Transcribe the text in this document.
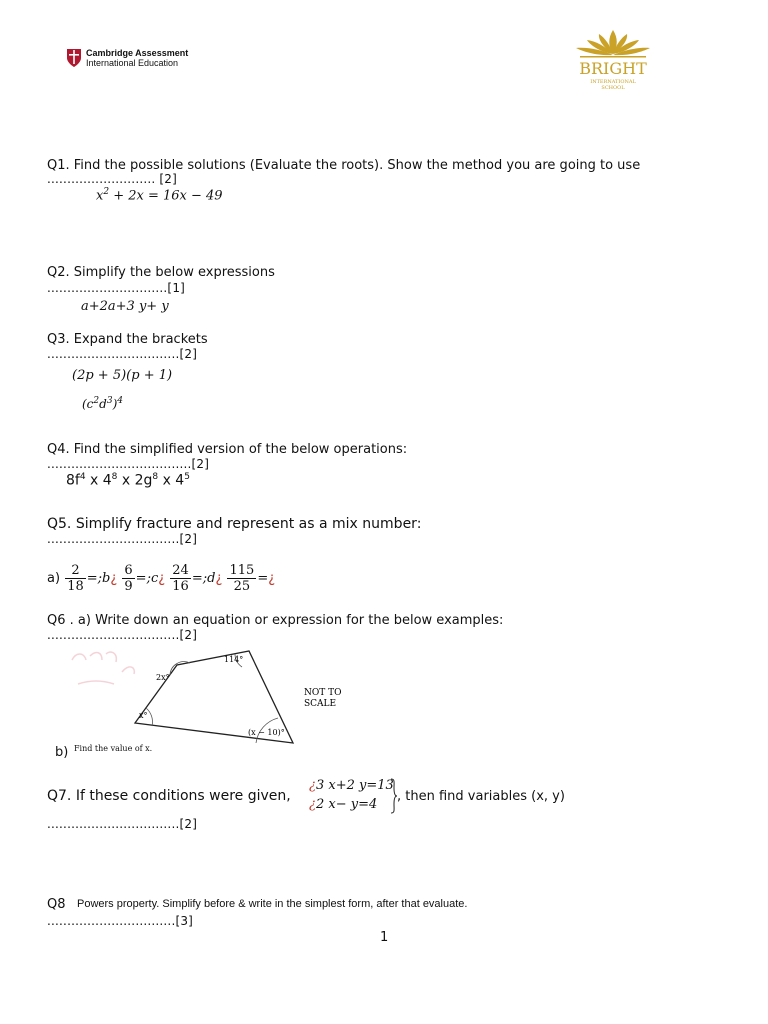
Cambridge Assessment
International Education	BRIGHT
INTERNATIONAL
SCHOOL
Q1. Find the possible solutions (Evaluate the roots). Show the method you are going to use
........................... [2]
$x^2 + 2x = 16x - 49$
Q2. Simplify the below expressions
..............................[1]
a+2a+3 y+ y
Q3. Expand the brackets
.................................[2]
(2p + 5)(p + 1)
$(c^2d^3)^4$
Q4. Find the simplified version of the below operations:
....................................[2]
$8f^4$ x $4^8$ x $2g^8$ x $4^5$
Q5. Simplify fracture and represent as a mix number:
.................................[2]
$a) \frac{2}{18}$ =;b¿ $\frac{6}{9}$ =;c¿ $\frac{24}{16}$ =;d¿ $\frac{115}{25}$ =¿
Q6 . a) Write down an equation or expression for the below examples:
.................................[2]
114°
2x°
x°
(x − 10)°
NOT TO
SCALE
b) Find the value of x.
Q7. If these conditions were given,
¿3 x+2 y=13
¿2 x− y=4
, then find variables (x, y)
.................................[2]
Q8 Powers property. Simplify before & write in the simplest form, after that evaluate.
................................[3]
1
